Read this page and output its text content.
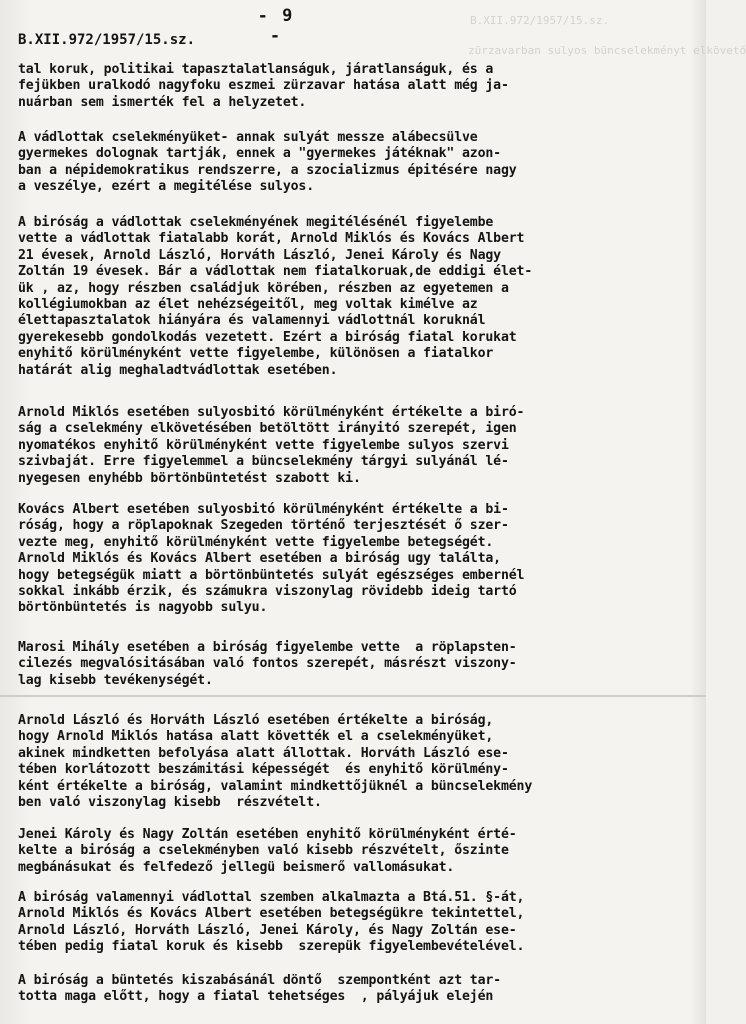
B.XII.972/1957/15.sz.
zürzavarban sulyos büncselekményt elkövető
- 9 -
B.XII.972/1957/15.sz.
tal koruk, politikai tapasztalatlanságuk, járatlanságuk, és a
fejükben uralkodó nagyfoku eszmei zürzavar hatása alatt még ja-
nuárban sem ismerték fel a helyzetet.
A vádlottak cselekményüket- annak sulyát messze alábecsülve
gyermekes dolognak tartják, ennek a "gyermekes játéknak" azon-
ban a népidemokratikus rendszerre, a szocializmus épitésére nagy
a veszélye, ezért a megitélése sulyos.
A biróság a vádlottak cselekményének megitélésénél figyelembe
vette a vádlottak fiatalabb korát, Arnold Miklós és Kovács Albert
21 évesek, Arnold László, Horváth László, Jenei Károly és Nagy
Zoltán 19 évesek. Bár a vádlottak nem fiatalkoruak,de eddigi élet-
ük , az, hogy részben családjuk körében, részben az egyetemen a
kollégiumokban az élet nehézségeitől, meg voltak kimélve az
élettapasztalatok hiányára és valamennyi vádlottnál koruknál
gyerekesebb gondolkodás vezetett. Ezért a biróság fiatal korukat
enyhitő körülményként vette figyelembe, különösen a fiatalkor
határát alig meghaladtvádlottak esetében.
Arnold Miklós esetében sulyosbitó körülményként értékelte a biró-
ság a cselekmény elkövetésében betöltött irányitó szerepét, igen
nyomatékos enyhitő körülményként vette figyelembe sulyos szervi
szivbaját. Erre figyelemmel a büncselekmény tárgyi sulyánál lé-
nyegesen enyhébb börtönbüntetést szabott ki.
Kovács Albert esetében sulyosbitó körülményként értékelte a bi-
róság, hogy a röplapoknak Szegeden történő terjesztését ő szer-
vezte meg, enyhitő körülményként vette figyelembe betegségét.
Arnold Miklós és Kovács Albert esetében a biróság ugy találta,
hogy betegségük miatt a börtönbüntetés sulyát egészséges embernél
sokkal inkább érzik, és számukra viszonylag rövidebb ideig tartó
börtönbüntetés is nagyobb sulyu.
Marosi Mihály esetében a biróság figyelembe vette  a röplapsten-
cilezés megvalósitásában való fontos szerepét, másrészt viszony-
lag kisebb tevékenységét.
Arnold László és Horváth László esetében értékelte a biróság,
hogy Arnold Miklós hatása alatt követték el a cselekményüket,
akinek mindketten befolyása alatt állottak. Horváth László ese-
tében korlátozott beszámitási képességét  és enyhitő körülmény-
ként értékelte a biróság, valamint mindkettőjüknél a büncselekmény
ben való viszonylag kisebb  részvételt.
Jenei Károly és Nagy Zoltán esetében enyhitő körülményként érté-
kelte a biróság a cselekményben való kisebb részvételt, őszinte
megbánásukat és felfedező jellegü beismerő vallomásukat.
A biróság valamennyi vádlottal szemben alkalmazta a Btá.51. §-át,
Arnold Miklós és Kovács Albert esetében betegségükre tekintettel,
Arnold László, Horváth László, Jenei Károly, és Nagy Zoltán ese-
tében pedig fiatal koruk és kisebb  szerepük figyelembevételével.
A biróság a büntetés kiszabásánál döntő  szempontként azt tar-
totta maga előtt, hogy a fiatal tehetséges  , pályájuk elején
